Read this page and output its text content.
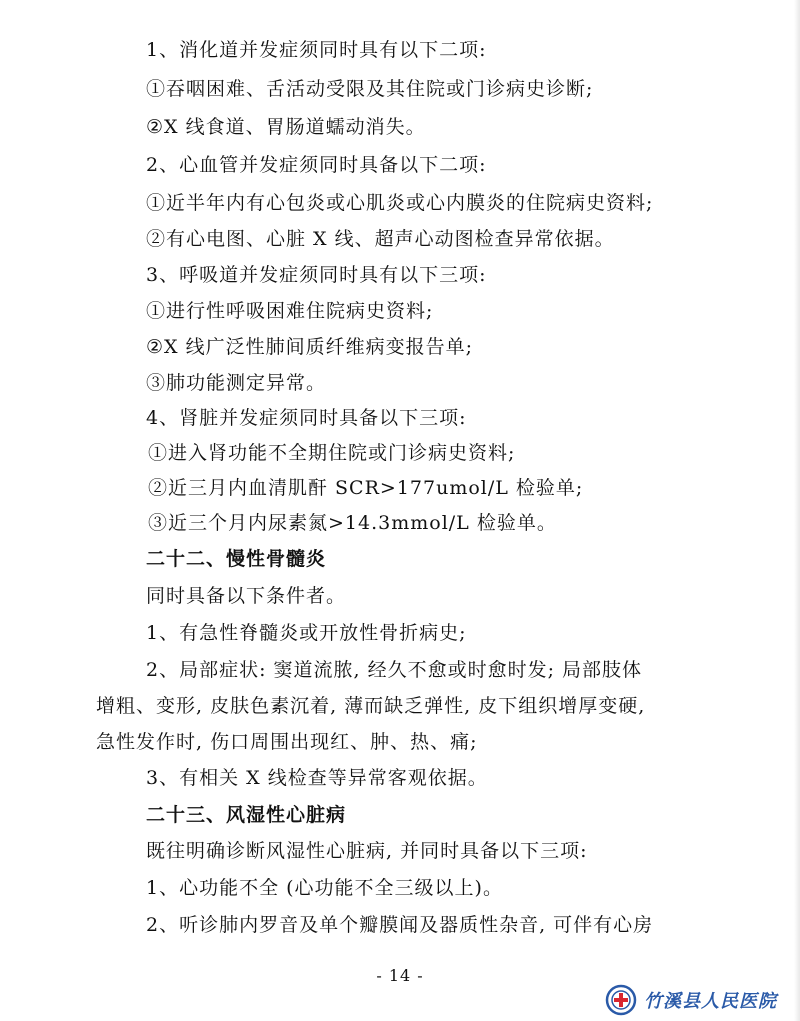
1、消化道并发症须同时具有以下二项:
①吞咽困难、舌活动受限及其住院或门诊病史诊断;
②X 线食道、胃肠道蠕动消失。
2、心血管并发症须同时具备以下二项:
①近半年内有心包炎或心肌炎或心内膜炎的住院病史资料;
②有心电图、心脏 X 线、超声心动图检查异常依据。
3、呼吸道并发症须同时具有以下三项:
①进行性呼吸困难住院病史资料;
②X 线广泛性肺间质纤维病变报告单;
③肺功能测定异常。
4、肾脏并发症须同时具备以下三项:
①进入肾功能不全期住院或门诊病史资料;
②近三月内血清肌酐 SCR>177umol/L 检验单;
③近三个月内尿素氮>14.3mmol/L 检验单。
二十二、慢性骨髓炎
同时具备以下条件者。
1、有急性脊髓炎或开放性骨折病史;
2、局部症状: 窦道流脓, 经久不愈或时愈时发; 局部肢体
增粗、变形, 皮肤色素沉着, 薄而缺乏弹性, 皮下组织增厚变硬,
急性发作时, 伤口周围出现红、肿、热、痛;
3、有相关 X 线检查等异常客观依据。
二十三、风湿性心脏病
既往明确诊断风湿性心脏病, 并同时具备以下三项:
1、心功能不全 (心功能不全三级以上)。
2、听诊肺内罗音及单个瓣膜闻及器质性杂音, 可伴有心房
- 14 -
竹溪县人民医院
